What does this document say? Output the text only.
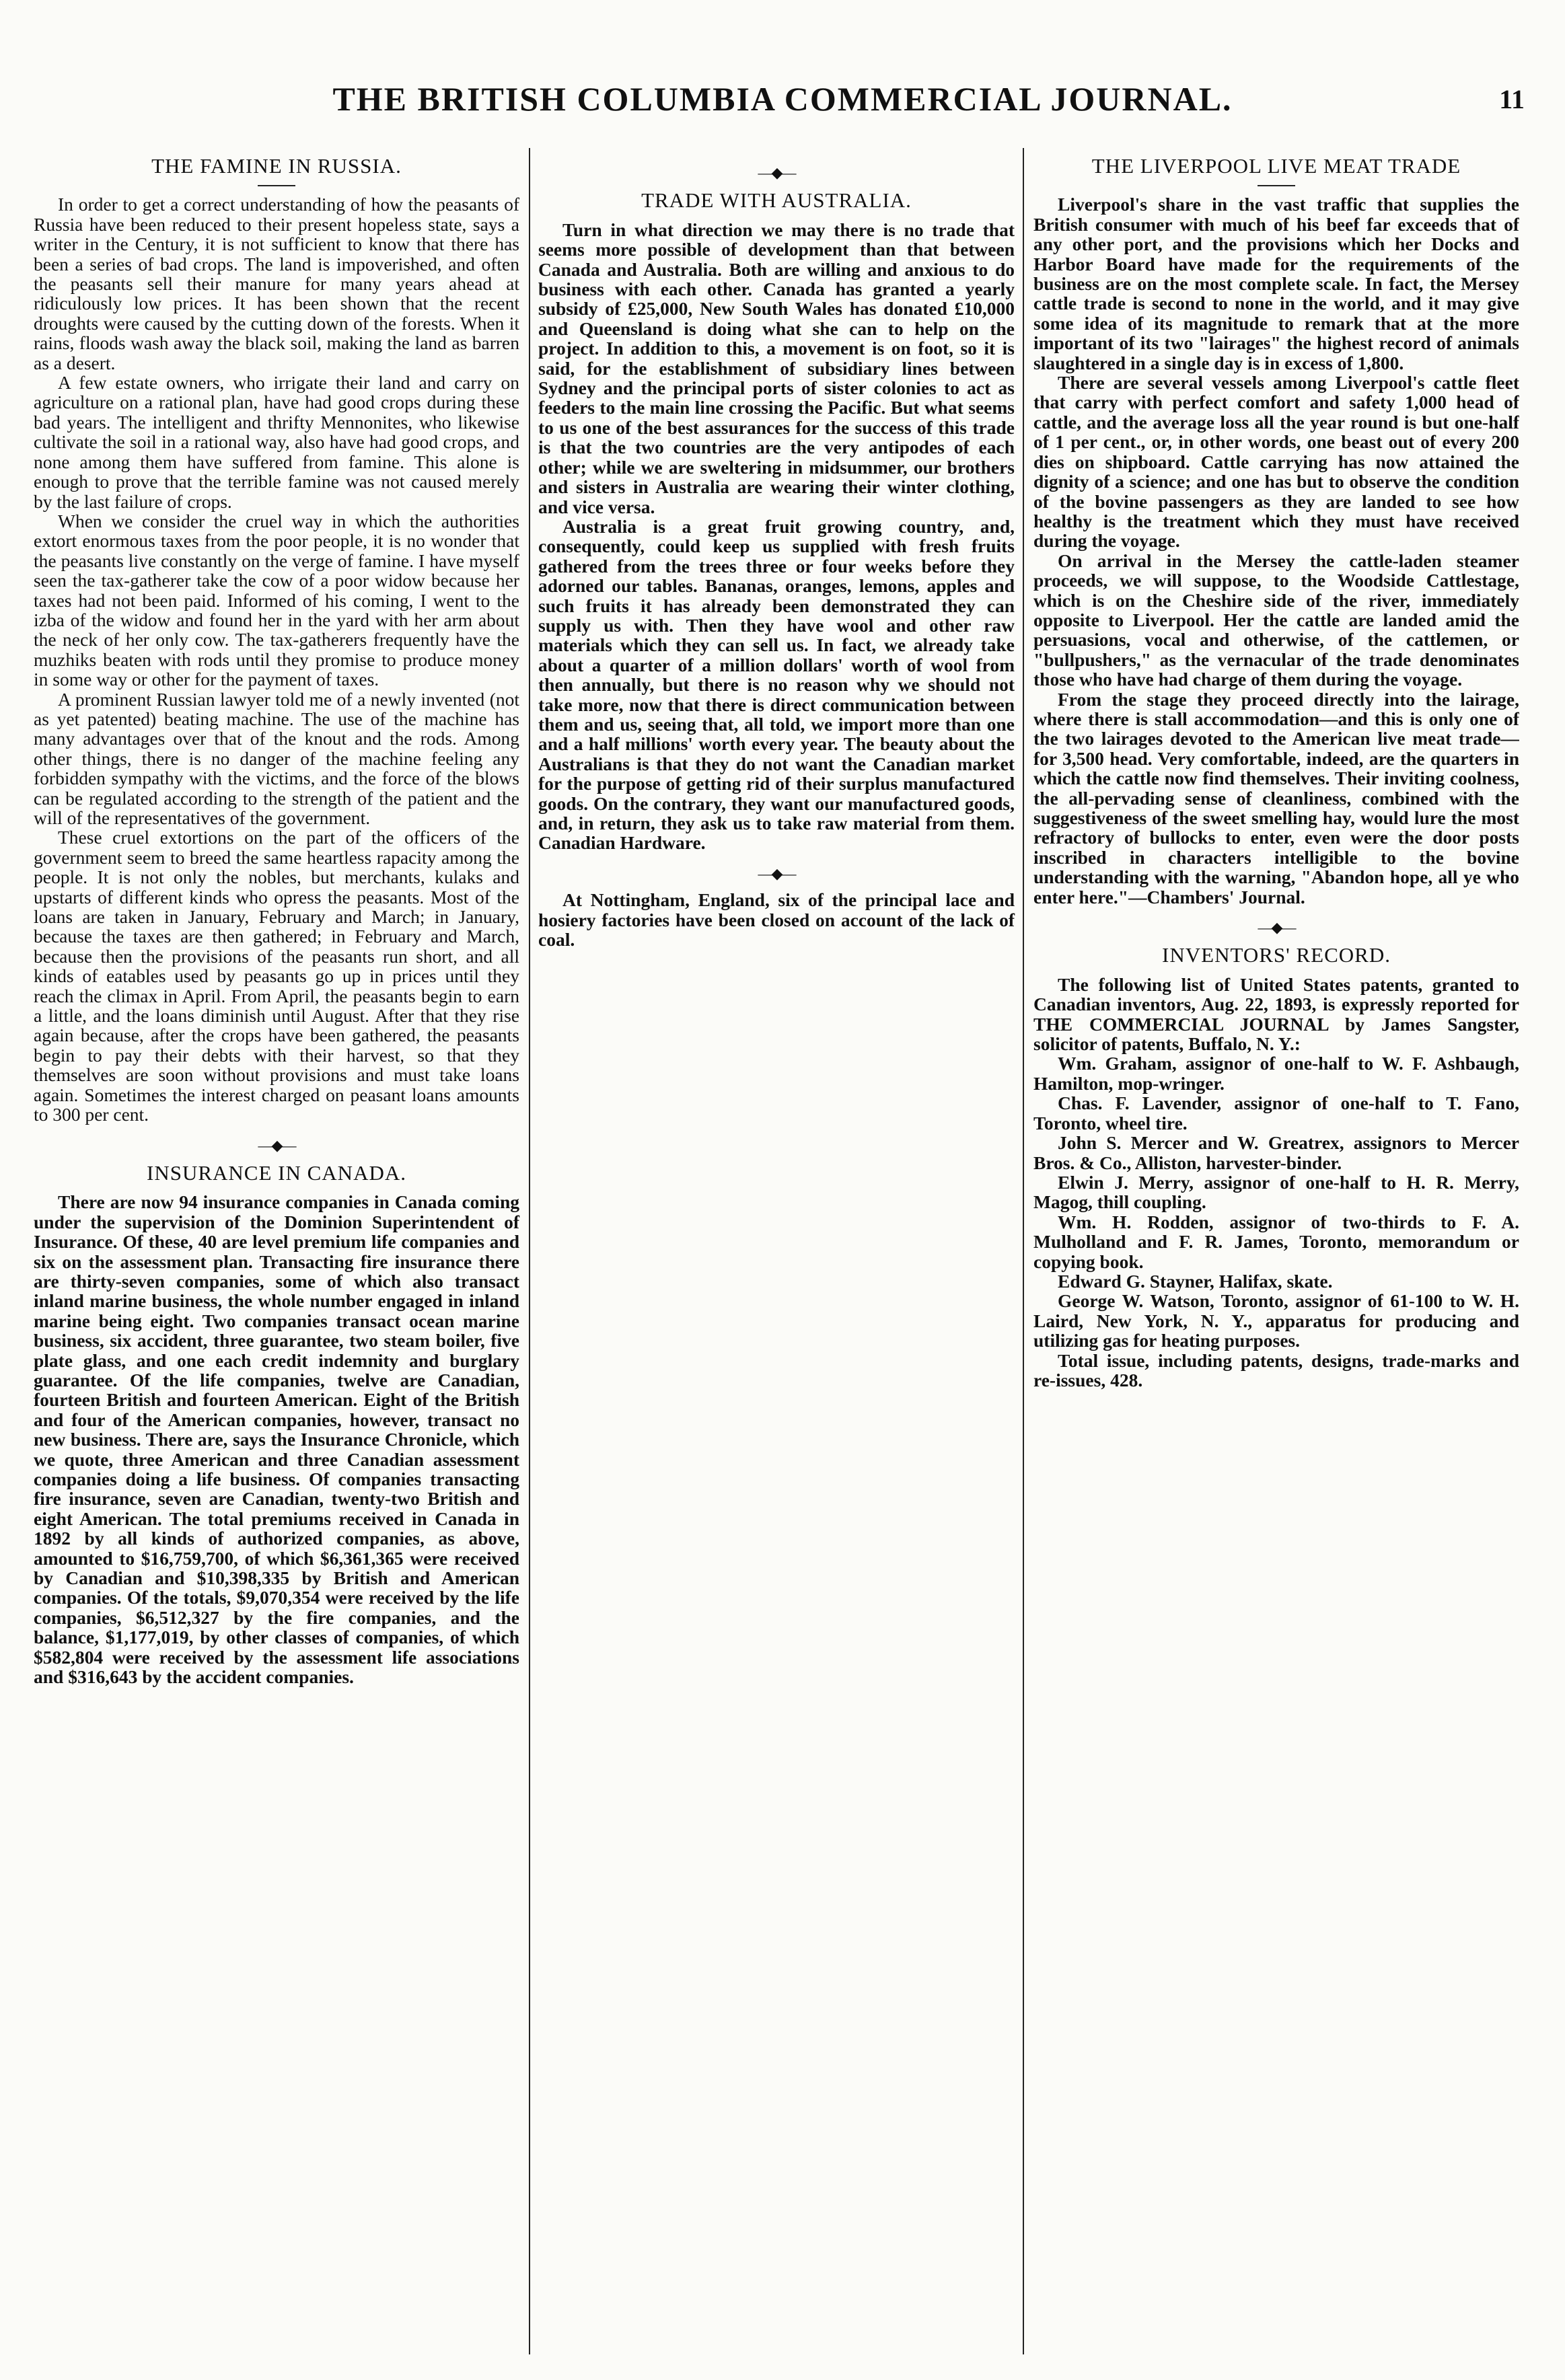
THE BRITISH COLUMBIA COMMERCIAL JOURNAL.	11
THE FAMINE IN RUSSIA.

In order to get a correct understanding of how the peasants of Russia have been reduced to their present hopeless state, says a writer in the Century, it is not sufficient to know that there has been a series of bad crops. The land is impoverished, and often the peasants sell their manure for many years ahead at ridiculously low prices. It has been shown that the recent droughts were caused by the cutting down of the forests. When it rains, floods wash away the black soil, making the land as barren as a desert.

A few estate owners, who irrigate their land and carry on agriculture on a rational plan, have had good crops during these bad years. The intelligent and thrifty Mennonites, who likewise cultivate the soil in a rational way, also have had good crops, and none among them have suffered from famine. This alone is enough to prove that the terrible famine was not caused merely by the last failure of crops.

When we consider the cruel way in which the authorities extort enormous taxes from the poor people, it is no wonder that the peasants live constantly on the verge of famine. I have myself seen the tax-gatherer take the cow of a poor widow because her taxes had not been paid. Informed of his coming, I went to the izba of the widow and found her in the yard with her arm about the neck of her only cow. The tax-gatherers frequently have the muzhiks beaten with rods until they promise to produce money in some way or other for the payment of taxes.

A prominent Russian lawyer told me of a newly invented (not as yet patented) beating machine. The use of the machine has many advantages over that of the knout and the rods. Among other things, there is no danger of the machine feeling any forbidden sympathy with the victims, and the force of the blows can be regulated according to the strength of the patient and the will of the representatives of the government.

These cruel extortions on the part of the officers of the government seem to breed the same heartless rapacity among the people. It is not only the nobles, but merchants, kulaks and upstarts of different kinds who opress the peasants. Most of the loans are taken in January, February and March; in January, because the taxes are then gathered; in February and March, because then the provisions of the peasants run short, and all kinds of eatables used by peasants go up in prices until they reach the climax in April. From April, the peasants begin to earn a little, and the loans diminish until August. After that they rise again because, after the crops have been gathered, the peasants begin to pay their debts with their harvest, so that they themselves are soon without provisions and must take loans again. Sometimes the interest charged on peasant loans amounts to 300 per cent.

—◆—
INSURANCE IN CANADA.

There are now 94 insurance companies in Canada coming under the supervision of the Dominion Superintendent of Insurance. Of these, 40 are level premium life companies and six on the assessment plan. Transacting fire insurance there are thirty-seven companies, some of which also transact inland marine business, the whole number engaged in inland marine being eight. Two companies transact ocean marine business, six accident, three guarantee, two steam boiler, five plate glass, and one each credit indemnity and burglary guarantee. Of the life companies, twelve are Canadian, fourteen British and fourteen American. Eight of the British and four of the American companies, however, transact no new business. There are, says the Insurance Chronicle, which we quote, three American and three Canadian assessment companies doing a life business. Of companies transacting fire insurance, seven are Canadian, twenty-two British and eight American. The total premiums received in Canada in 1892 by all kinds of authorized companies, as above, amounted to $16,759,700, of which $6,361,365 were received by Canadian and $10,398,335 by British and American companies. Of the totals, $9,070,354 were received by the life companies, $6,512,327 by the fire companies, and the balance, $1,177,019, by other classes of companies, of which $582,804 were received by the assessment life associations and $316,643 by the accident companies.

—◆—
TRADE WITH AUSTRALIA.

Turn in what direction we may there is no trade that seems more possible of development than that between Canada and Australia. Both are willing and anxious to do business with each other. Canada has granted a yearly subsidy of £25,000, New South Wales has donated £10,000 and Queensland is doing what she can to help on the project. In addition to this, a movement is on foot, so it is said, for the establishment of subsidiary lines between Sydney and the principal ports of sister colonies to act as feeders to the main line crossing the Pacific. But what seems to us one of the best assurances for the success of this trade is that the two countries are the very antipodes of each other; while we are sweltering in midsummer, our brothers and sisters in Australia are wearing their winter clothing, and vice versa.

Australia is a great fruit growing country, and, consequently, could keep us supplied with fresh fruits gathered from the trees three or four weeks before they adorned our tables. Bananas, oranges, lemons, apples and such fruits it has already been demonstrated they can supply us with. Then they have wool and other raw materials which they can sell us. In fact, we already take about a quarter of a million dollars' worth of wool from then annually, but there is no reason why we should not take more, now that there is direct communication between them and us, seeing that, all told, we import more than one and a half millions' worth every year. The beauty about the Australians is that they do not want the Canadian market for the purpose of getting rid of their surplus manufactured goods. On the contrary, they want our manufactured goods, and, in return, they ask us to take raw material from them. Canadian Hardware.

—◆—

At Nottingham, England, six of the principal lace and hosiery factories have been closed on account of the lack of coal.

THE LIVERPOOL LIVE MEAT TRADE

Liverpool's share in the vast traffic that supplies the British consumer with much of his beef far exceeds that of any other port, and the provisions which her Docks and Harbor Board have made for the requirements of the business are on the most complete scale. In fact, the Mersey cattle trade is second to none in the world, and it may give some idea of its magnitude to remark that at the more important of its two "lairages" the highest record of animals slaughtered in a single day is in excess of 1,800.

There are several vessels among Liverpool's cattle fleet that carry with perfect comfort and safety 1,000 head of cattle, and the average loss all the year round is but one-half of 1 per cent., or, in other words, one beast out of every 200 dies on shipboard. Cattle carrying has now attained the dignity of a science; and one has but to observe the condition of the bovine passengers as they are landed to see how healthy is the treatment which they must have received during the voyage.

On arrival in the Mersey the cattle-laden steamer proceeds, we will suppose, to the Woodside Cattlestage, which is on the Cheshire side of the river, immediately opposite to Liverpool. Her the cattle are landed amid the persuasions, vocal and otherwise, of the cattlemen, or "bullpushers," as the vernacular of the trade denominates those who have had charge of them during the voyage.

From the stage they proceed directly into the lairage, where there is stall accommodation—and this is only one of the two lairages devoted to the American live meat trade—for 3,500 head. Very comfortable, indeed, are the quarters in which the cattle now find themselves. Their inviting coolness, the all-pervading sense of cleanliness, combined with the suggestiveness of the sweet smelling hay, would lure the most refractory of bullocks to enter, even were the door posts inscribed in characters intelligible to the bovine understanding with the warning, "Abandon hope, all ye who enter here."—Chambers' Journal.

—◆—
INVENTORS' RECORD.

The following list of United States patents, granted to Canadian inventors, Aug. 22, 1893, is expressly reported for THE COMMERCIAL JOURNAL by James Sangster, solicitor of patents, Buffalo, N. Y.:

Wm. Graham, assignor of one-half to W. F. Ashbaugh, Hamilton, mop-wringer.

Chas. F. Lavender, assignor of one-half to T. Fano, Toronto, wheel tire.

John S. Mercer and W. Greatrex, assignors to Mercer Bros. & Co., Alliston, harvester-binder.

Elwin J. Merry, assignor of one-half to H. R. Merry, Magog, thill coupling.

Wm. H. Rodden, assignor of two-thirds to F. A. Mulholland and F. R. James, Toronto, memorandum or copying book.

Edward G. Stayner, Halifax, skate.

George W. Watson, Toronto, assignor of 61-100 to W. H. Laird, New York, N. Y., apparatus for producing and utilizing gas for heating purposes.

Total issue, including patents, designs, trade-marks and re-issues, 428.
